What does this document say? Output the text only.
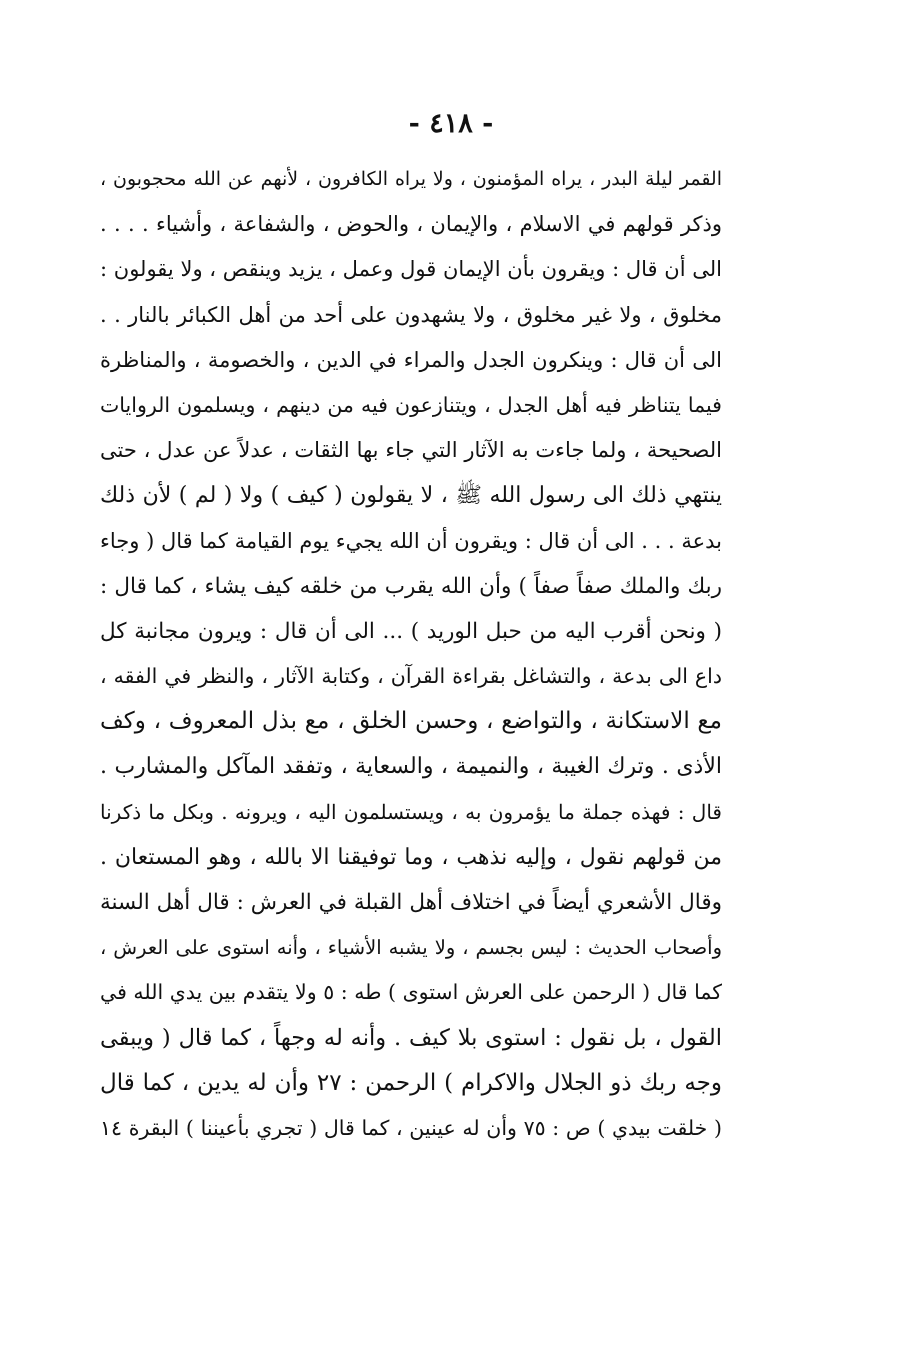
- ٤١٨ -
القمر ليلة البدر ، يراه المؤمنون ، ولا يراه الكافرون ، لأنهم عن الله محجوبون ،
وذكر قولهم في الاسلام ، والإيمان ، والحوض ، والشفاعة ، وأشياء . . . .
الى أن قال : ويقرون بأن الإيمان قول وعمل ، يزيد وينقص ، ولا يقولون :
مخلوق ، ولا غير مخلوق ، ولا يشهدون على أحد من أهل الكبائر بالنار . .
الى أن قال : وينكرون الجدل والمراء في الدين ، والخصومة ، والمناظرة
فيما يتناظر فيه أهل الجدل ، ويتنازعون فيه من دينهم ، ويسلمون الروايات
الصحيحة ، ولما جاءت به الآثار التي جاء بها الثقات ، عدلاً عن عدل ، حتى
ينتهي ذلك الى رسول الله ﷺ ، لا يقولون ( كيف ) ولا ( لم ) لأن ذلك
بدعة . . . الى أن قال : ويقرون أن الله يجيء يوم القيامة كما قال ( وجاء
ربك والملك صفاً صفاً ) وأن الله يقرب من خلقه كيف يشاء ، كما قال :
( ونحن أقرب اليه من حبل الوريد ) ... الى أن قال : ويرون مجانبة كل
داع الى بدعة ، والتشاغل بقراءة القرآن ، وكتابة الآثار ، والنظر في الفقه ،
مع الاستكانة ، والتواضع ، وحسن الخلق ، مع بذل المعروف ، وكف
الأذى . وترك الغيبة ، والنميمة ، والسعاية ، وتفقد المآكل والمشارب .
قال : فهذه جملة ما يؤمرون به ، ويستسلمون اليه ، ويرونه . وبكل ما ذكرنا
من قولهم نقول ، وإليه نذهب ، وما توفيقنا الا بالله ، وهو المستعان .
وقال الأشعري أيضاً في اختلاف أهل القبلة في العرش : قال أهل السنة
وأصحاب الحديث : ليس بجسم ، ولا يشبه الأشياء ، وأنه استوى على العرش ،
كما قال ( الرحمن على العرش استوى ) طه : ٥ ولا يتقدم بين يدي الله في
القول ، بل نقول : استوى بلا كيف . وأنه له وجهاً ، كما قال ( ويبقى
وجه ربك ذو الجلال والاكرام ) الرحمن : ٢٧ وأن له يدين ، كما قال
( خلقت بيدي ) ص : ٧٥ وأن له عينين ، كما قال ( تجري بأعيننا ) البقرة ١٤
